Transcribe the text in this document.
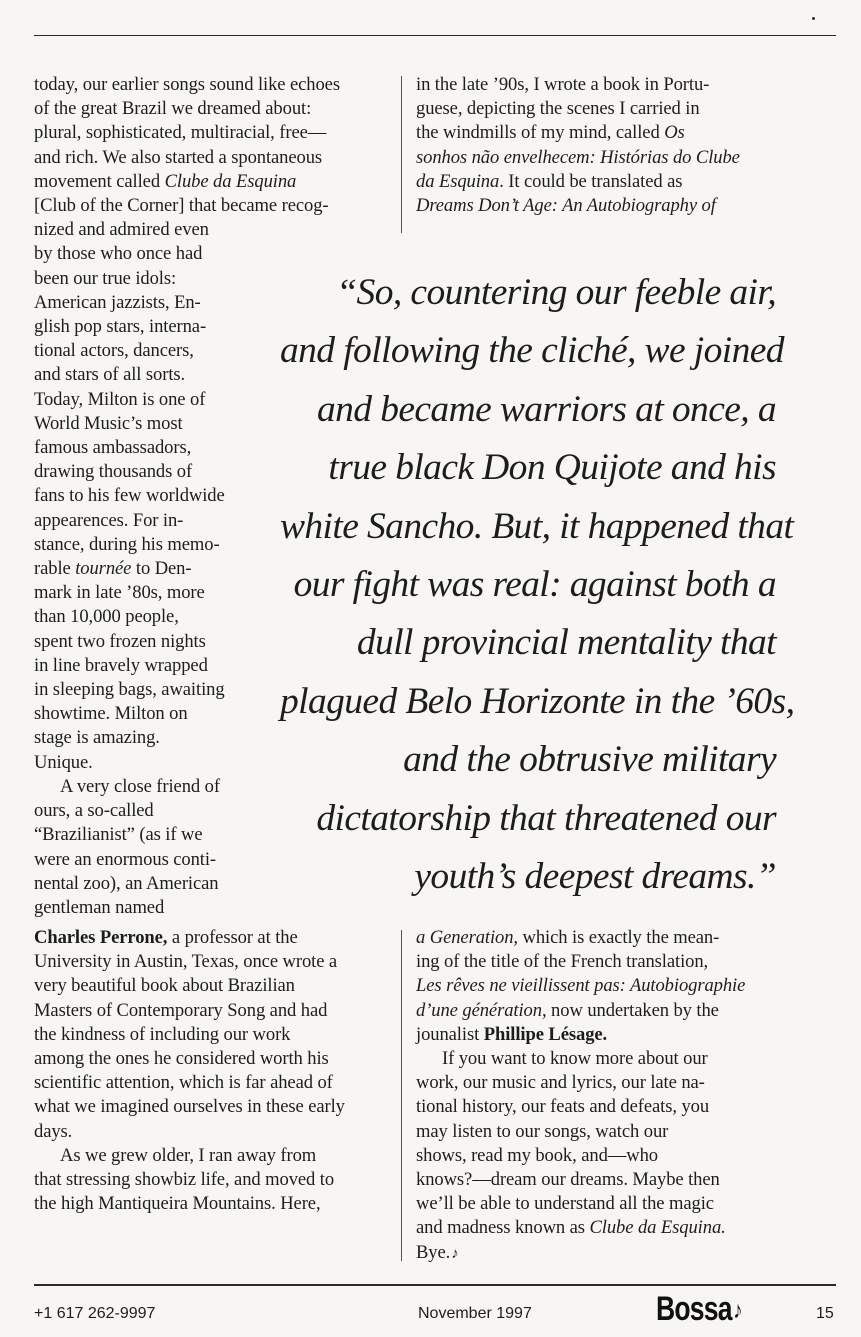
today, our earlier songs sound like echoes
of the great Brazil we dreamed about:
plural, sophisticated, multiracial, free—
and rich. We also started a spontaneous
movement called Clube da Esquina
[Club of the Corner] that became recog-
nized and admired even
by those who once had
been our true idols:
American jazzists, En-
glish pop stars, interna-
tional actors, dancers,
and stars of all sorts.
Today, Milton is one of
World Music’s most
famous ambassadors,
drawing thousands of
fans to his few worldwide
appearences. For in-
stance, during his memo-
rable tournée to Den-
mark in late ’80s, more
than 10,000 people,
spent two frozen nights
in line bravely wrapped
in sleeping bags, awaiting
showtime. Milton on
stage is amazing.
Unique.
A very close friend of
ours, a so-called
“Brazilianist” (as if we
were an enormous conti-
nental zoo), an American
gentleman named
in the late ’90s, I wrote a book in Portu-
guese, depicting the scenes I carried in
the windmills of my mind, called Os
sonhos não envelhecem: Histórias do Clube
da Esquina. It could be translated as
Dreams Don’t Age: An Autobiography of
“So, countering our feeble air,
and following the cliché, we joined
and became warriors at once, a
true black Don Quijote and his
white Sancho. But, it happened that
our fight was real: against both a
dull provincial mentality that
plagued Belo Horizonte in the ’60s,
and the obtrusive military
dictatorship that threatened our
youth’s deepest dreams.”
Charles Perrone, a professor at the
University in Austin, Texas, once wrote a
very beautiful book about Brazilian
Masters of Contemporary Song and had
the kindness of including our work
among the ones he considered worth his
scientific attention, which is far ahead of
what we imagined ourselves in these early
days.
As we grew older, I ran away from
that stressing showbiz life, and moved to
the high Mantiqueira Mountains. Here,
a Generation, which is exactly the mean-
ing of the title of the French translation,
Les rêves ne vieillissent pas: Autobiographie
d’une génération, now undertaken by the
jounalist Phillipe Lésage.
If you want to know more about our
work, our music and lyrics, our late na-
tional history, our feats and defeats, you
may listen to our songs, watch our
shows, read my book, and—who
knows?—dream our dreams. Maybe then
we’ll be able to understand all the magic
and madness known as Clube da Esquina.
Bye.♪
+1 617 262-9997	November 1997	Bossa♪	15
